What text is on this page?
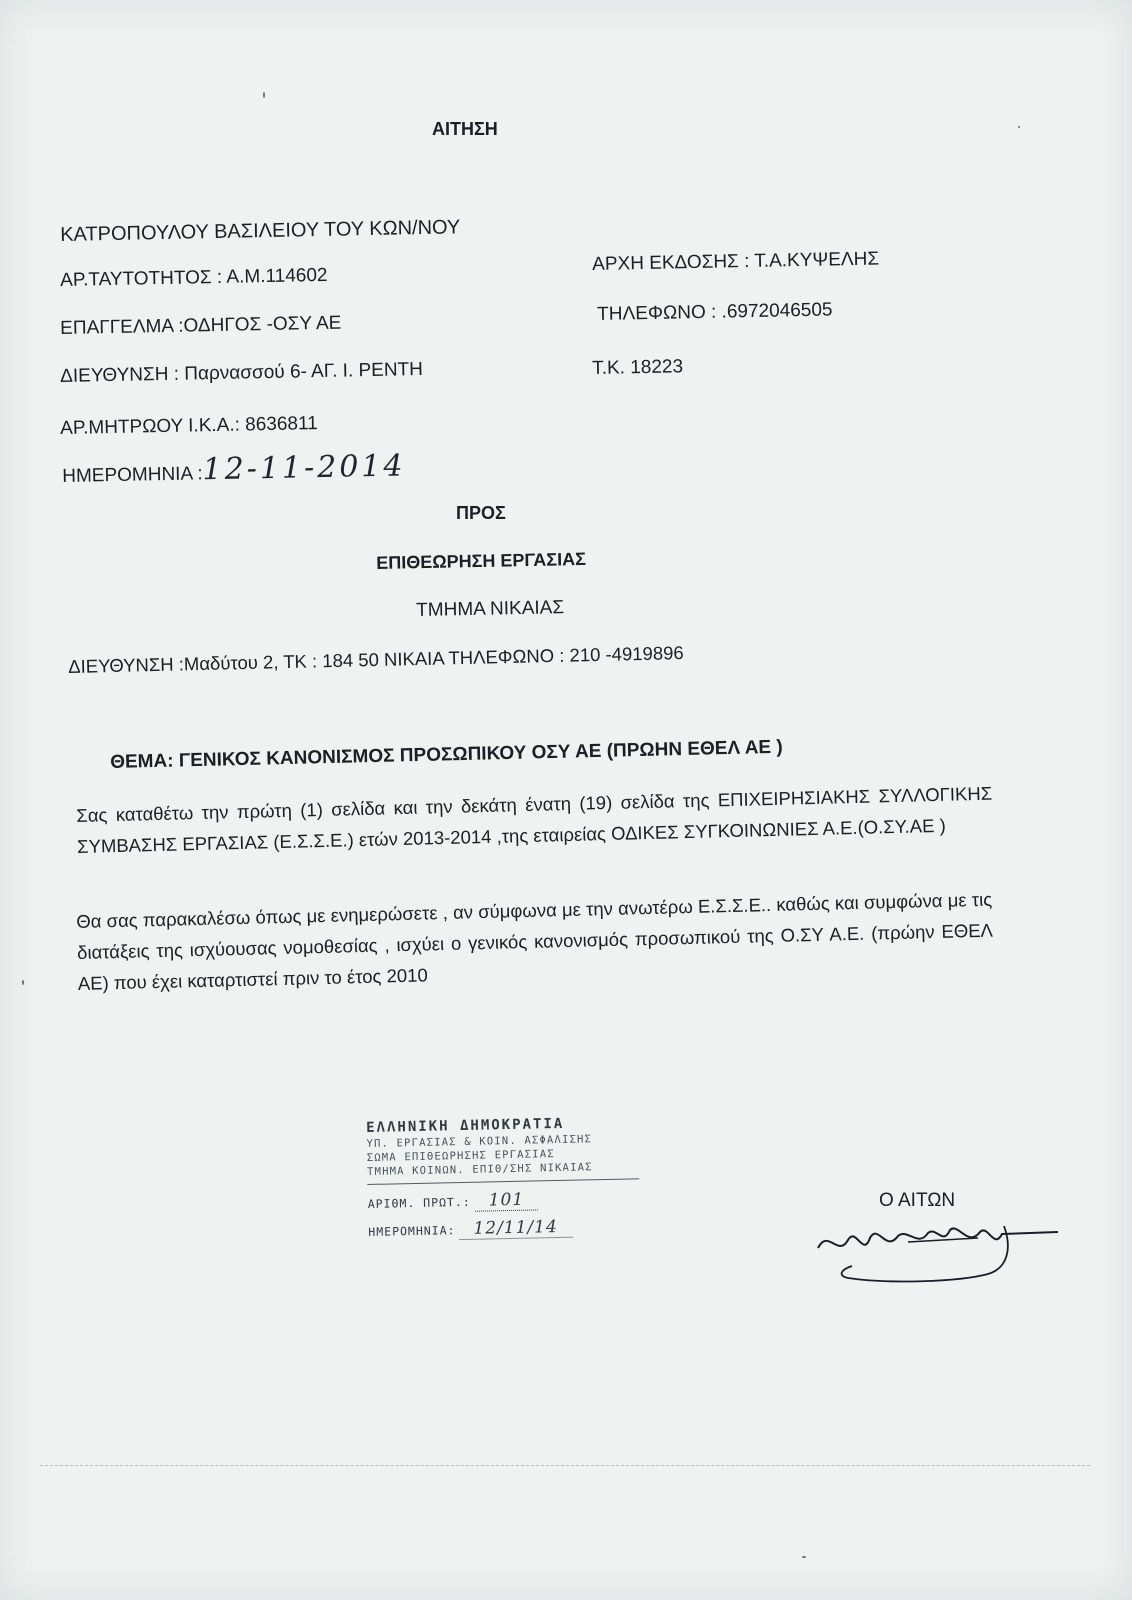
ΑΙΤΗΣΗ
ΚΑΤΡΟΠΟΥΛΟΥ ΒΑΣΙΛΕΙΟΥ ΤΟΥ ΚΩΝ/ΝΟΥ
ΑΡ.ΤΑΥΤΟΤΗΤΟΣ : Α.Μ.114602
ΕΠΑΓΓΕΛΜΑ :ΟΔΗΓΟΣ -ΟΣΥ ΑΕ
ΔΙΕΥΘΥΝΣΗ : Παρνασσού 6- ΑΓ. Ι. ΡΕΝΤΗ
ΑΡ.ΜΗΤΡΩΟΥ Ι.Κ.Α.: 8636811
ΗΜΕΡΟΜΗΝΙΑ :12-11-2014
ΑΡΧΗ ΕΚΔΟΣΗΣ : Τ.Α.ΚΥΨΕΛΗΣ
ΤΗΛΕΦΩΝΟ : .6972046505
Τ.Κ. 18223
ΠΡΟΣ
ΕΠΙΘΕΩΡΗΣΗ ΕΡΓΑΣΙΑΣ
ΤΜΗΜΑ ΝΙΚΑΙΑΣ
ΔΙΕΥΘΥΝΣΗ :Μαδύτου 2, ΤΚ : 184 50 ΝΙΚΑΙΑ ΤΗΛΕΦΩΝΟ : 210 -4919896
ΘΕΜΑ: ΓΕΝΙΚΟΣ ΚΑΝΟΝΙΣΜΟΣ ΠΡΟΣΩΠΙΚΟΥ ΟΣΥ ΑΕ (ΠΡΩΗΝ ΕΘΕΛ ΑΕ )
Σας καταθέτω την πρώτη (1) σελίδα και την δεκάτη ένατη (19) σελίδα της ΕΠΙΧΕΙΡΗΣΙΑΚΗΣ ΣΥΛΛΟΓΙΚΗΣ ΣΥΜΒΑΣΗΣ ΕΡΓΑΣΙΑΣ (Ε.Σ.Σ.Ε.) ετών 2013-2014 ,της εταιρείας ΟΔΙΚΕΣ ΣΥΓΚΟΙΝΩΝΙΕΣ Α.Ε.(Ο.ΣΥ.ΑΕ )
Θα σας παρακαλέσω όπως με ενημερώσετε , αν σύμφωνα με την ανωτέρω Ε.Σ.Σ.Ε.. καθώς και συμφώνα με τις διατάξεις της ισχύουσας νομοθεσίας , ισχύει ο γενικός κανονισμός προσωπικού της Ο.ΣΥ Α.Ε. (πρώην ΕΘΕΛ ΑΕ) που έχει καταρτιστεί πριν το έτος 2010
ΕΛΛΗΝΙΚΗ ΔΗΜΟΚΡΑΤΙΑ
ΥΠ. ΕΡΓΑΣΙΑΣ & ΚΟΙΝ. ΑΣΦΑΛΙΣΗΣ
ΣΩΜΑ ΕΠΙΘΕΩΡΗΣΗΣ ΕΡΓΑΣΙΑΣ
ΤΜΗΜΑ ΚΟΙΝΩΝ. ΕΠΙΘ/ΣΗΣ ΝΙΚΑΙΑΣ
ΑΡΙΘΜ. ΠΡΩΤ.: 101
ΗΜΕΡΟΜΗΝΙΑ: 12/11/14
Ο ΑΙΤΩΝ
